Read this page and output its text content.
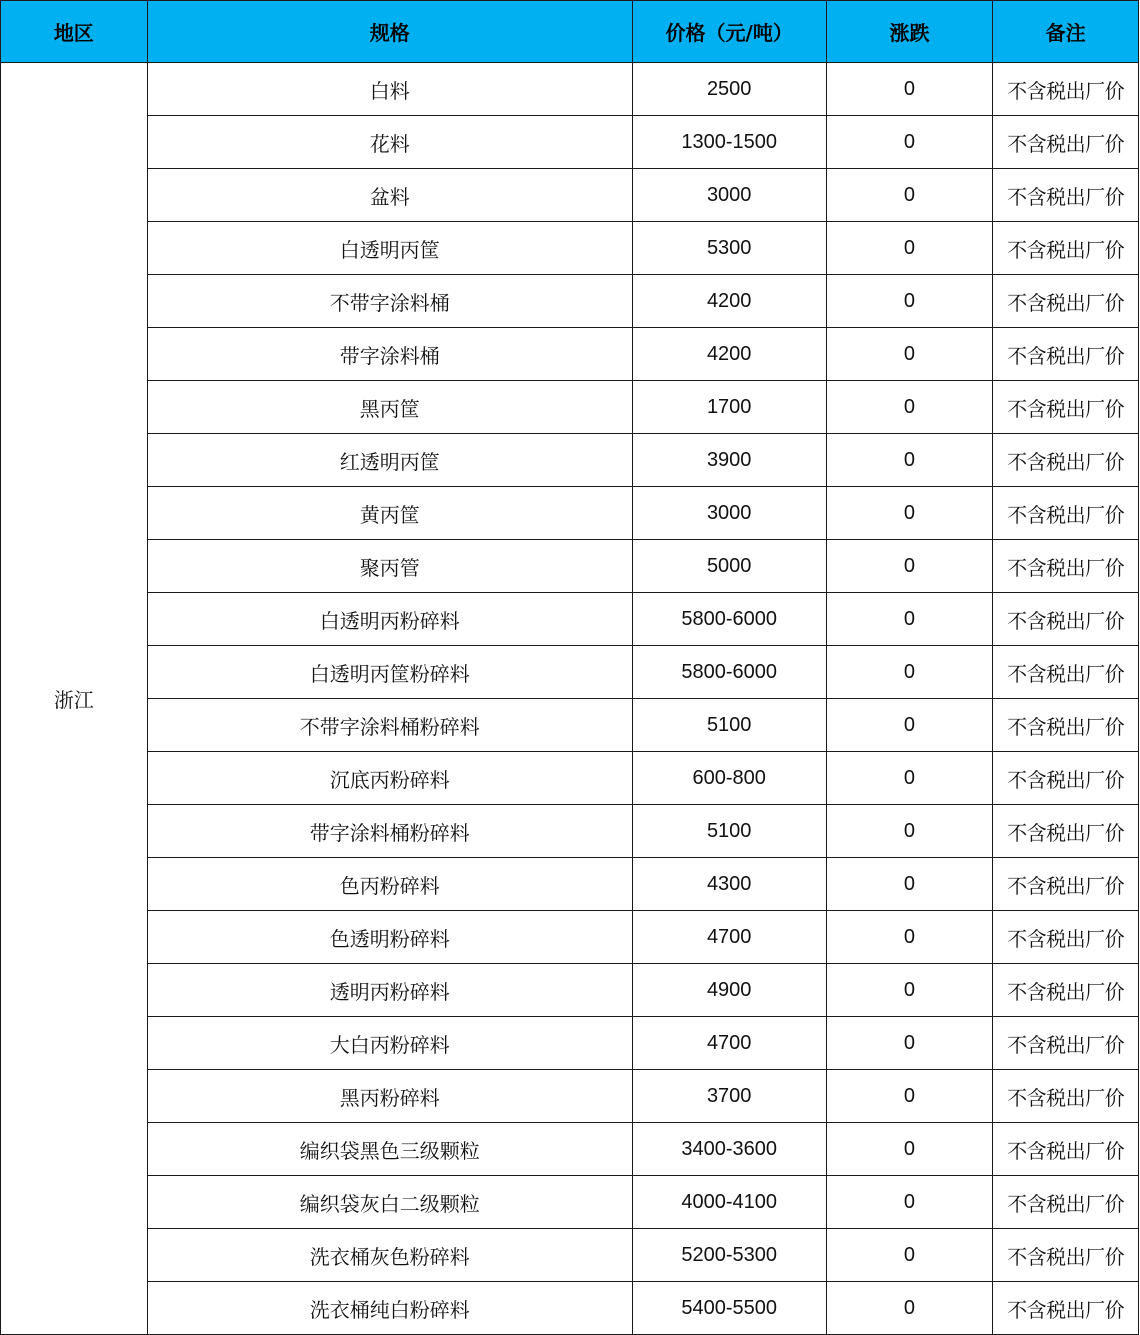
地区	规格	价格（元/吨）	涨跌	备注
浙江	白料	2500	0	不含税出厂价
	花料	1300-1500	0	不含税出厂价
	盆料	3000	0	不含税出厂价
	白透明丙筐	5300	0	不含税出厂价
	不带字涂料桶	4200	0	不含税出厂价
	带字涂料桶	4200	0	不含税出厂价
	黑丙筐	1700	0	不含税出厂价
	红透明丙筐	3900	0	不含税出厂价
	黄丙筐	3000	0	不含税出厂价
	聚丙管	5000	0	不含税出厂价
	白透明丙粉碎料	5800-6000	0	不含税出厂价
	白透明丙筐粉碎料	5800-6000	0	不含税出厂价
	不带字涂料桶粉碎料	5100	0	不含税出厂价
	沉底丙粉碎料	600-800	0	不含税出厂价
	带字涂料桶粉碎料	5100	0	不含税出厂价
	色丙粉碎料	4300	0	不含税出厂价
	色透明粉碎料	4700	0	不含税出厂价
	透明丙粉碎料	4900	0	不含税出厂价
	大白丙粉碎料	4700	0	不含税出厂价
	黑丙粉碎料	3700	0	不含税出厂价
	编织袋黑色三级颗粒	3400-3600	0	不含税出厂价
	编织袋灰白二级颗粒	4000-4100	0	不含税出厂价
	洗衣桶灰色粉碎料	5200-5300	0	不含税出厂价
	洗衣桶纯白粉碎料	5400-5500	0	不含税出厂价
